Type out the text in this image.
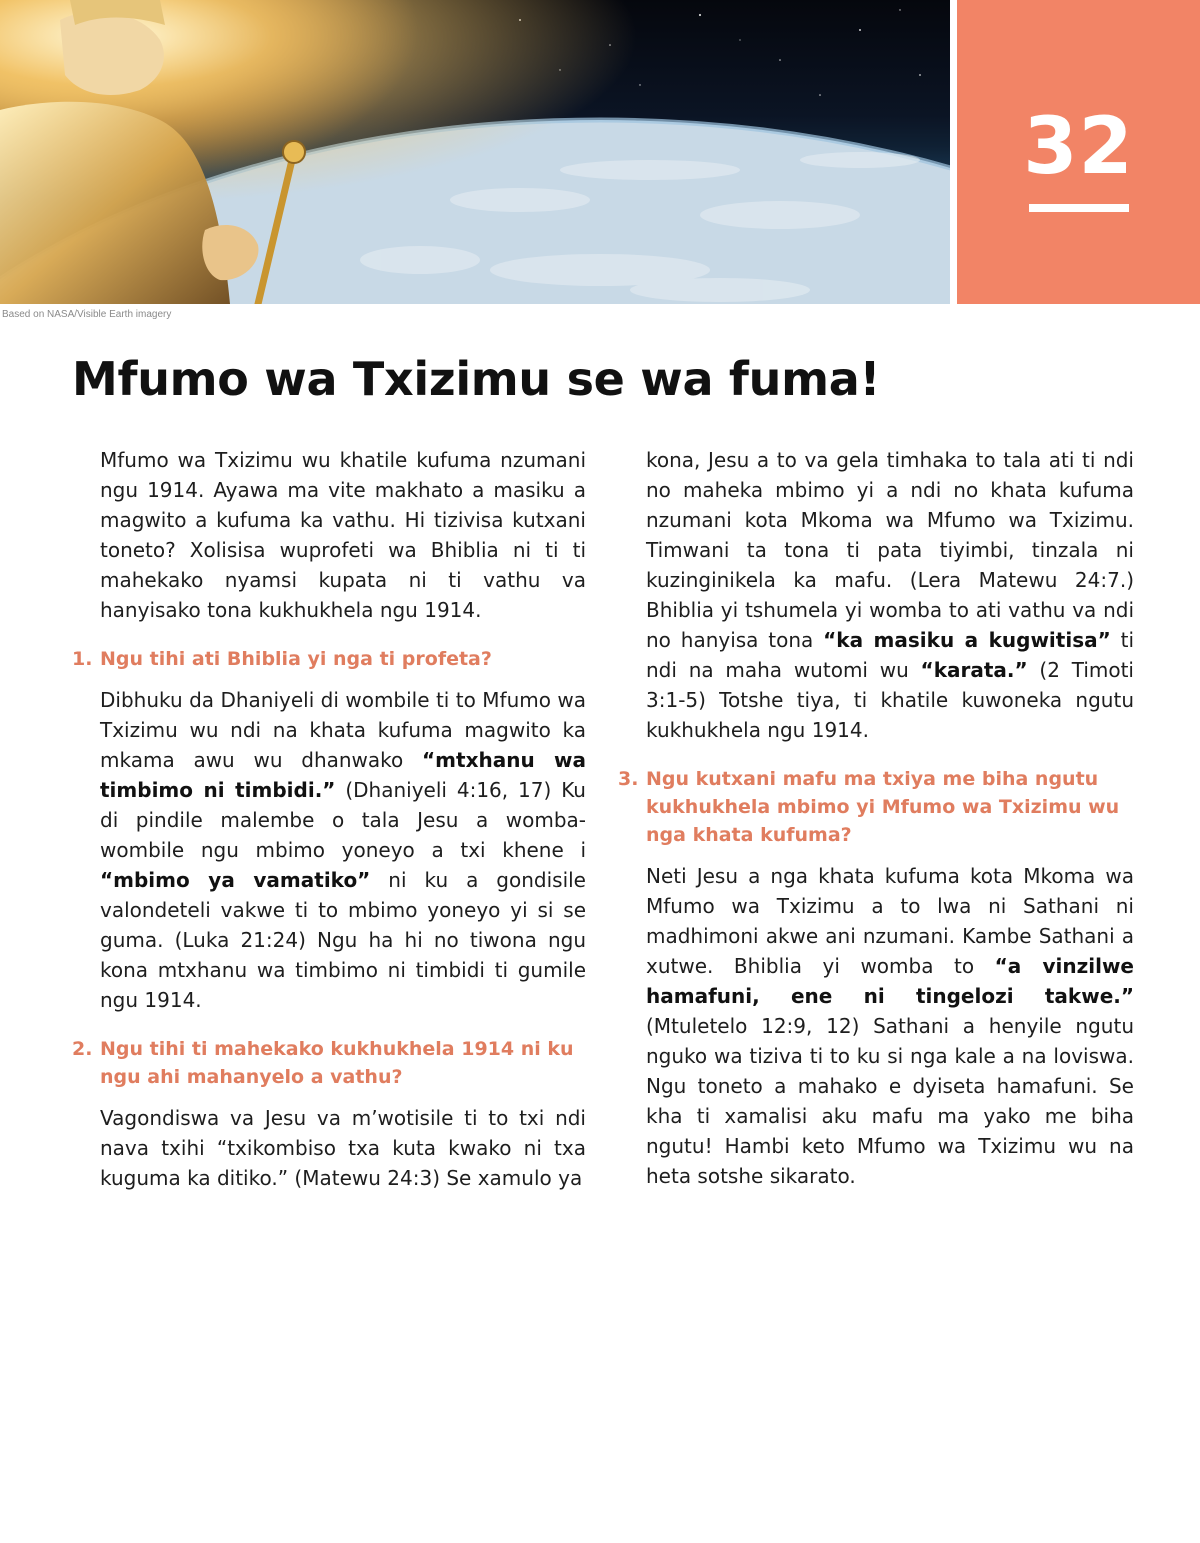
32
Based on NASA/Visible Earth imagery
Mfumo wa Txizimu se wa fuma!

Mfumo wa Txizimu wu khatile kufuma nzumani ngu 1914. Ayawa ma vite makhato a masiku a magwito a kufuma ka vathu. Hi tizivisa kutxani toneto? Xolisisa wuprofeti wa Bhiblia ni ti ti mahekako nyamsi kupata ni ti vathu va hanyisako tona kukhukhela ngu 1914.

1. Ngu tihi ati Bhiblia yi nga ti profeta?

Dibhuku da Dhaniyeli di wombile ti to Mfumo wa Txizimu wu ndi na khata kufuma magwito ka mkama awu wu dhanwako “mtxhanu wa timbimo ni timbidi.” (Dhaniyeli 4:16, 17) Ku di pindile malembe o tala Jesu a womba-wombile ngu mbimo yoneyo a txi khene i “mbimo ya vamatiko” ni ku a gondisile valondeteli vakwe ti to mbimo yoneyo yi si se guma. (Luka 21:24) Ngu ha hi no tiwona ngu kona mtxhanu wa timbimo ni timbidi ti gumile ngu 1914.

2. Ngu tihi ti mahekako kukhukhela 1914 ni ku ngu ahi mahanyelo a vathu?

Vagondiswa va Jesu va m’wotisile ti to txi ndi nava txihi “txikombiso txa kuta kwako ni txa kuguma ka ditiko.” (Matewu 24:3) Se xamulo ya

kona, Jesu a to va gela timhaka to tala ati ti ndi no maheka mbimo yi a ndi no khata kufuma nzumani kota Mkoma wa Mfumo wa Txizimu. Timwani ta tona ti pata tiyimbi, tinzala ni kuzinginikela ka mafu. (Lera Matewu 24:7.) Bhiblia yi tshumela yi womba to ati vathu va ndi no hanyisa tona “ka masiku a kugwitisa” ti ndi na maha wutomi wu “karata.” (2 Timoti 3:1-5) Totshe tiya, ti khatile kuwoneka ngutu kukhukhela ngu 1914.

3. Ngu kutxani mafu ma txiya me biha ngutu kukhukhela mbimo yi Mfumo wa Txizimu wu nga khata kufuma?

Neti Jesu a nga khata kufuma kota Mkoma wa Mfumo wa Txizimu a to lwa ni Sathani ni madhimoni akwe ani nzumani. Kambe Sathani a xutwe. Bhiblia yi womba to “a vinzilwe hamafuni, ene ni tingelozi takwe.” (Mtuletelo 12:9, 12) Sathani a henyile ngutu nguko wa tiziva ti to ku si nga kale a na loviswa. Ngu toneto a mahako e dyiseta hamafuni. Se kha ti xamalisi aku mafu ma yako me biha ngutu! Hambi keto Mfumo wa Txizimu wu na heta sotshe sikarato.
